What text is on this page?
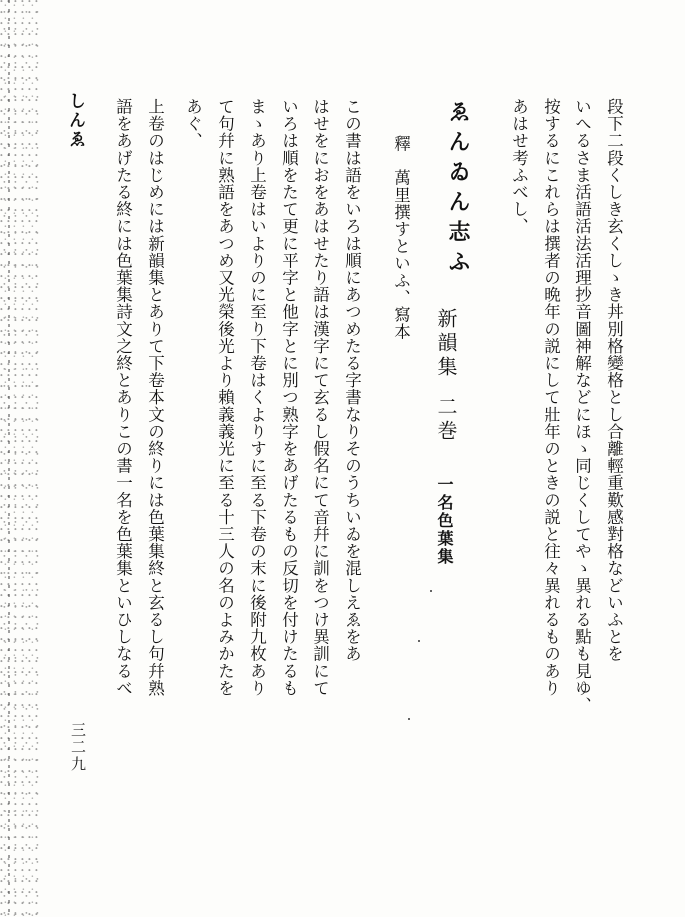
段下二段くしき玄くしゝき丼別格變格とし合離輕重歎感對格などいふとを
いへるさま活語活法活理抄音圖神解などにほゝ同じくしてやゝ異れる點も見ゆ、
按するにこれらは撰者の晩年の説にして壯年のときの説と往々異れるものあり
あはせ考ふべし、
ゑんゐん志ふ
新韻集
二巻
一名色葉集
釋　萬里撰すといふ、寫本
この書は語をいろは順にあつめたる字書なりそのうちいゐを混しえゑをあ
はせをにおをあはせたり語は漢字にて玄るし假名にて音幷に訓をつけ異訓にて
いろは順をたて更に平字と他字とに別つ熟字をあげたるもの反切を付けたるも
まゝあり上卷はいよりのに至り下卷はくよりすに至る下卷の末に後附九枚あり
て句幷に熟語をあつめ又光榮後光より賴義義光に至る十三人の名のよみかたを
あぐ、
上卷のはじめには新韻集とありて下卷本文の終りには色葉集終と玄るし句幷熟
語をあげたる終には色葉集詩文之終とありこの書一名を色葉集といひしなるべ
しんゑ
三二九
